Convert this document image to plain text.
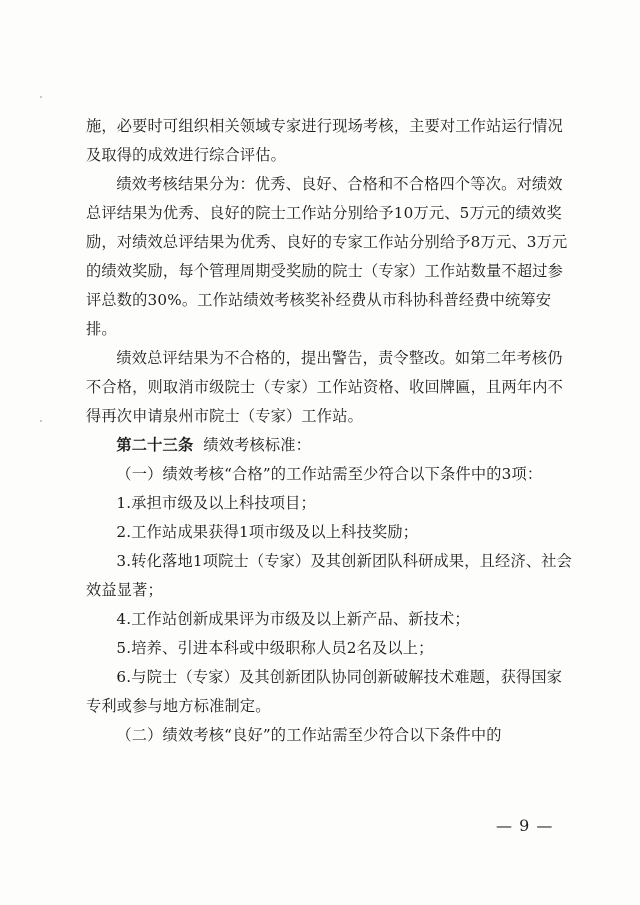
施，必要时可组织相关领域专家进行现场考核，主要对工作站运行情况及取得的成效进行综合评估。

绩效考核结果分为：优秀、良好、合格和不合格四个等次。对绩效总评结果为优秀、良好的院士工作站分别给予10万元、5万元的绩效奖励，对绩效总评结果为优秀、良好的专家工作站分别给予8万元、3万元的绩效奖励，每个管理周期受奖励的院士（专家）工作站数量不超过参评总数的30%。工作站绩效考核奖补经费从市科协科普经费中统筹安排。

绩效总评结果为不合格的，提出警告，责令整改。如第二年考核仍不合格，则取消市级院士（专家）工作站资格、收回牌匾，且两年内不得再次申请泉州市院士（专家）工作站。

第二十三条 绩效考核标准：

（一）绩效考核“合格”的工作站需至少符合以下条件中的3项：

1.承担市级及以上科技项目；
2.工作站成果获得1项市级及以上科技奖励；
3.转化落地1项院士（专家）及其创新团队科研成果，且经济、社会效益显著；
4.工作站创新成果评为市级及以上新产品、新技术；
5.培养、引进本科或中级职称人员2名及以上；
6.与院士（专家）及其创新团队协同创新破解技术难题，获得国家专利或参与地方标准制定。

（二）绩效考核“良好”的工作站需至少符合以下条件中的

— 9 —
